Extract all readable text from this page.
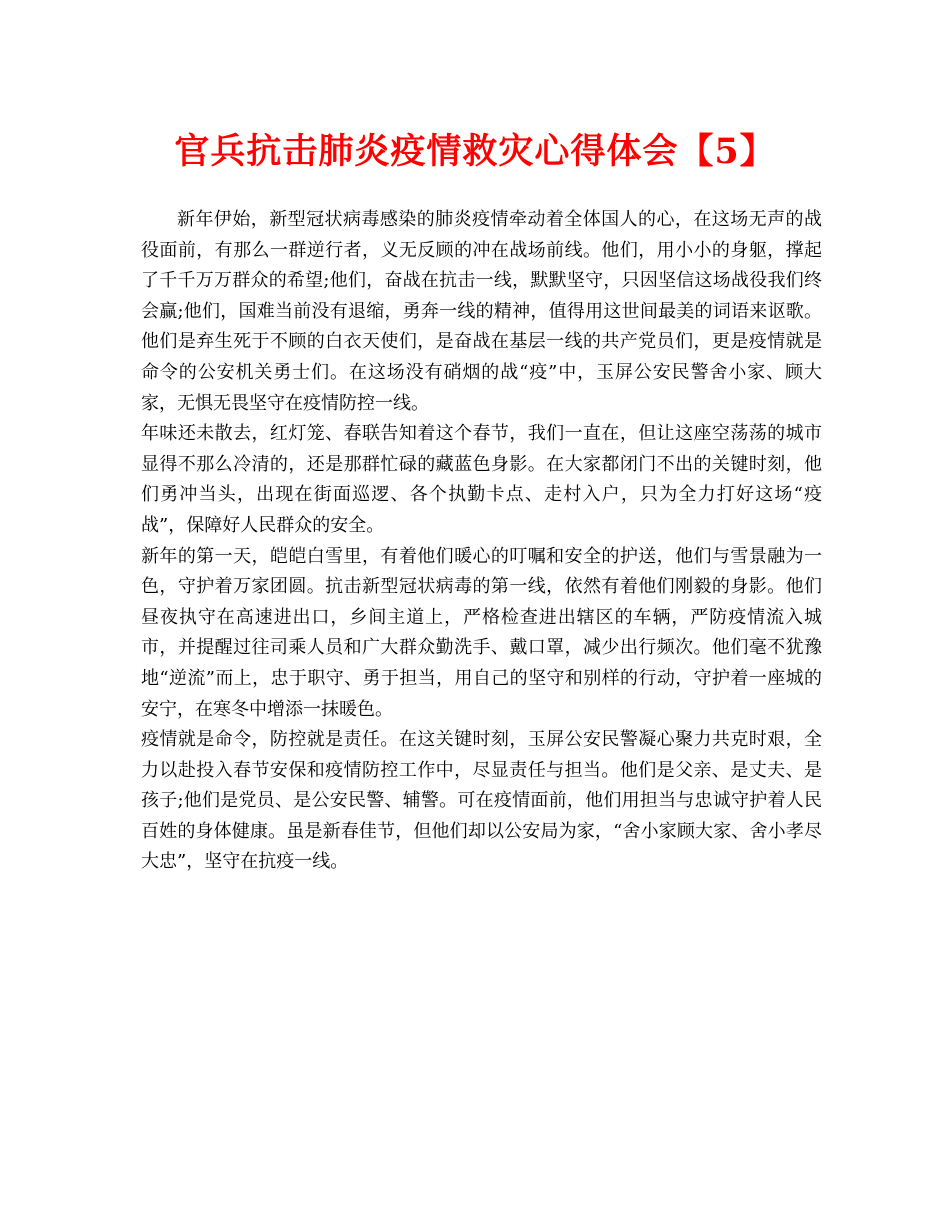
官兵抗击肺炎疫情救灾心得体会【5】

新年伊始，新型冠状病毒感染的肺炎疫情牵动着全体国人的心，在这场无声的战役面前，有那么一群逆行者，义无反顾的冲在战场前线。他们，用小小的身躯，撑起了千千万万群众的希望;他们，奋战在抗击一线，默默坚守，只因坚信这场战役我们终会赢;他们，国难当前没有退缩，勇奔一线的精神，值得用这世间最美的词语来讴歌。他们是弃生死于不顾的白衣天使们，是奋战在基层一线的共产党员们，更是疫情就是命令的公安机关勇士们。在这场没有硝烟的战“疫”中，玉屏公安民警舍小家、顾大家，无惧无畏坚守在疫情防控一线。

年味还未散去，红灯笼、春联告知着这个春节，我们一直在，但让这座空荡荡的城市显得不那么冷清的，还是那群忙碌的藏蓝色身影。在大家都闭门不出的关键时刻，他们勇冲当头，出现在街面巡逻、各个执勤卡点、走村入户，只为全力打好这场“疫战”，保障好人民群众的安全。

新年的第一天，皑皑白雪里，有着他们暖心的叮嘱和安全的护送，他们与雪景融为一色，守护着万家团圆。抗击新型冠状病毒的第一线，依然有着他们刚毅的身影。他们昼夜执守在高速进出口，乡间主道上，严格检查进出辖区的车辆，严防疫情流入城市，并提醒过往司乘人员和广大群众勤洗手、戴口罩，减少出行频次。他们毫不犹豫地“逆流”而上，忠于职守、勇于担当，用自己的坚守和别样的行动，守护着一座城的安宁，在寒冬中增添一抹暖色。

疫情就是命令，防控就是责任。在这关键时刻，玉屏公安民警凝心聚力共克时艰，全力以赴投入春节安保和疫情防控工作中，尽显责任与担当。他们是父亲、是丈夫、是孩子;他们是党员、是公安民警、辅警。可在疫情面前，他们用担当与忠诚守护着人民百姓的身体健康。虽是新春佳节，但他们却以公安局为家，“舍小家顾大家、舍小孝尽大忠”，坚守在抗疫一线。
